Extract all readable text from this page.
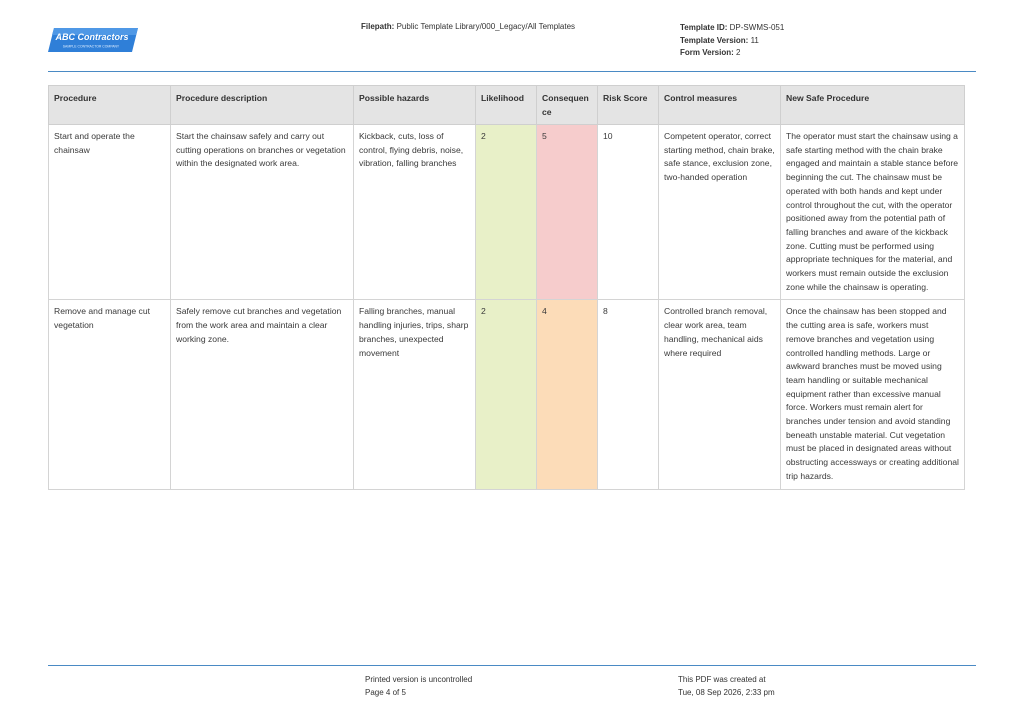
ABC Contractors
SAMPLE CONTRACTOR COMPANY
Filepath: Public Template Library/000_Legacy/All Templates	Template ID: DP-SWMS-051
Template Version: 11
Form Version: 2
Procedure	Procedure description	Possible hazards	Likelihood	Consequen ce	Risk Score	Control measures	New Safe Procedure
Start and operate the chainsaw	Start the chainsaw safely and carry out cutting operations on branches or vegetation within the designated work area.	Kickback, cuts, loss of control, flying debris, noise, vibration, falling branches	2	5	10	Competent operator, correct starting method, chain brake, safe stance, exclusion zone, two-handed operation	The operator must start the chainsaw using a safe starting method with the chain brake engaged and maintain a stable stance before beginning the cut. The chainsaw must be operated with both hands and kept under control throughout the cut, with the operator positioned away from the potential path of falling branches and aware of the kickback zone. Cutting must be performed using appropriate techniques for the material, and workers must remain outside the exclusion zone while the chainsaw is operating.
Remove and manage cut vegetation	Safely remove cut branches and vegetation from the work area and maintain a clear working zone.	Falling branches, manual handling injuries, trips, sharp branches, unexpected movement	2	4	8	Controlled branch removal, clear work area, team handling, mechanical aids where required	Once the chainsaw has been stopped and the cutting area is safe, workers must remove branches and vegetation using controlled handling methods. Large or awkward branches must be moved using team handling or suitable mechanical equipment rather than excessive manual force. Workers must remain alert for branches under tension and avoid standing beneath unstable material. Cut vegetation must be placed in designated areas without obstructing accessways or creating additional trip hazards.
Printed version is uncontrolled
Page 4 of 5
This PDF was created at
Tue, 08 Sep 2026, 2:33 pm
